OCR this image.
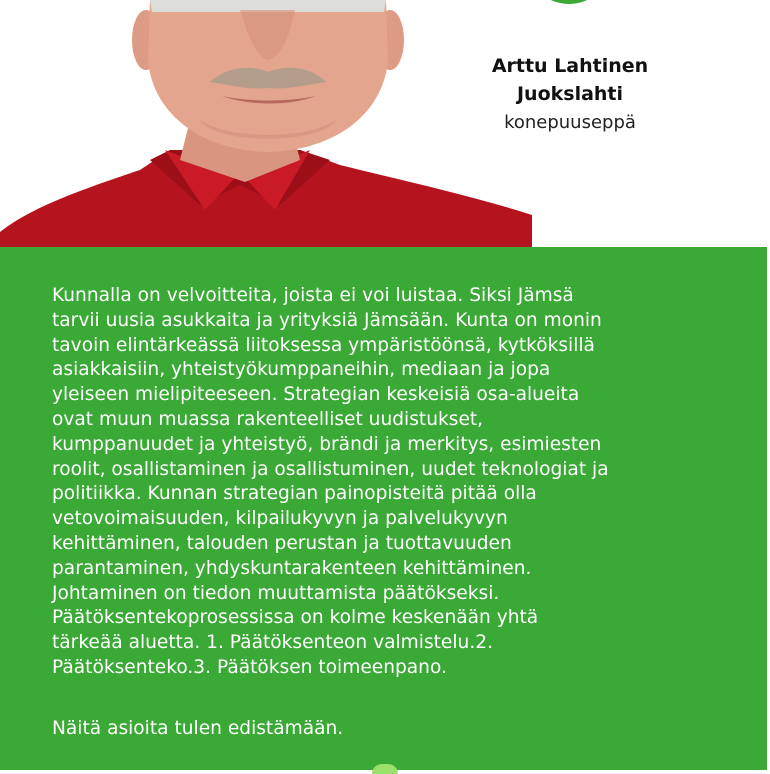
Arttu Lahtinen
Juokslahti
konepuuseppä
Kunnalla on velvoitteita, joista ei voi luistaa. Siksi Jämsä
tarvii uusia asukkaita ja yrityksiä Jämsään. Kunta on monin
tavoin elintärkeässä liitoksessa ympäristöönsä, kytköksillä
asiakkaisiin, yhteistyökumppaneihin, mediaan ja jopa
yleiseen mielipiteeseen. Strategian keskeisiä osa-alueita
ovat muun muassa rakenteelliset uudistukset,
kumppanuudet ja yhteistyö, brändi ja merkitys, esimiesten
roolit, osallistaminen ja osallistuminen, uudet teknologiat ja
politiikka. Kunnan strategian painopisteitä pitää olla
vetovoimaisuuden, kilpailukyvyn ja palvelukyvyn
kehittäminen, talouden perustan ja tuottavuuden
parantaminen, yhdyskuntarakenteen kehittäminen.
Johtaminen on tiedon muuttamista päätökseksi.
Päätöksentekoprosessissa on kolme keskenään yhtä
tärkeää aluetta. 1. Päätöksenteon valmistelu.2.
Päätöksenteko.3. Päätöksen toimeenpano.
Näitä asioita tulen edistämään.
